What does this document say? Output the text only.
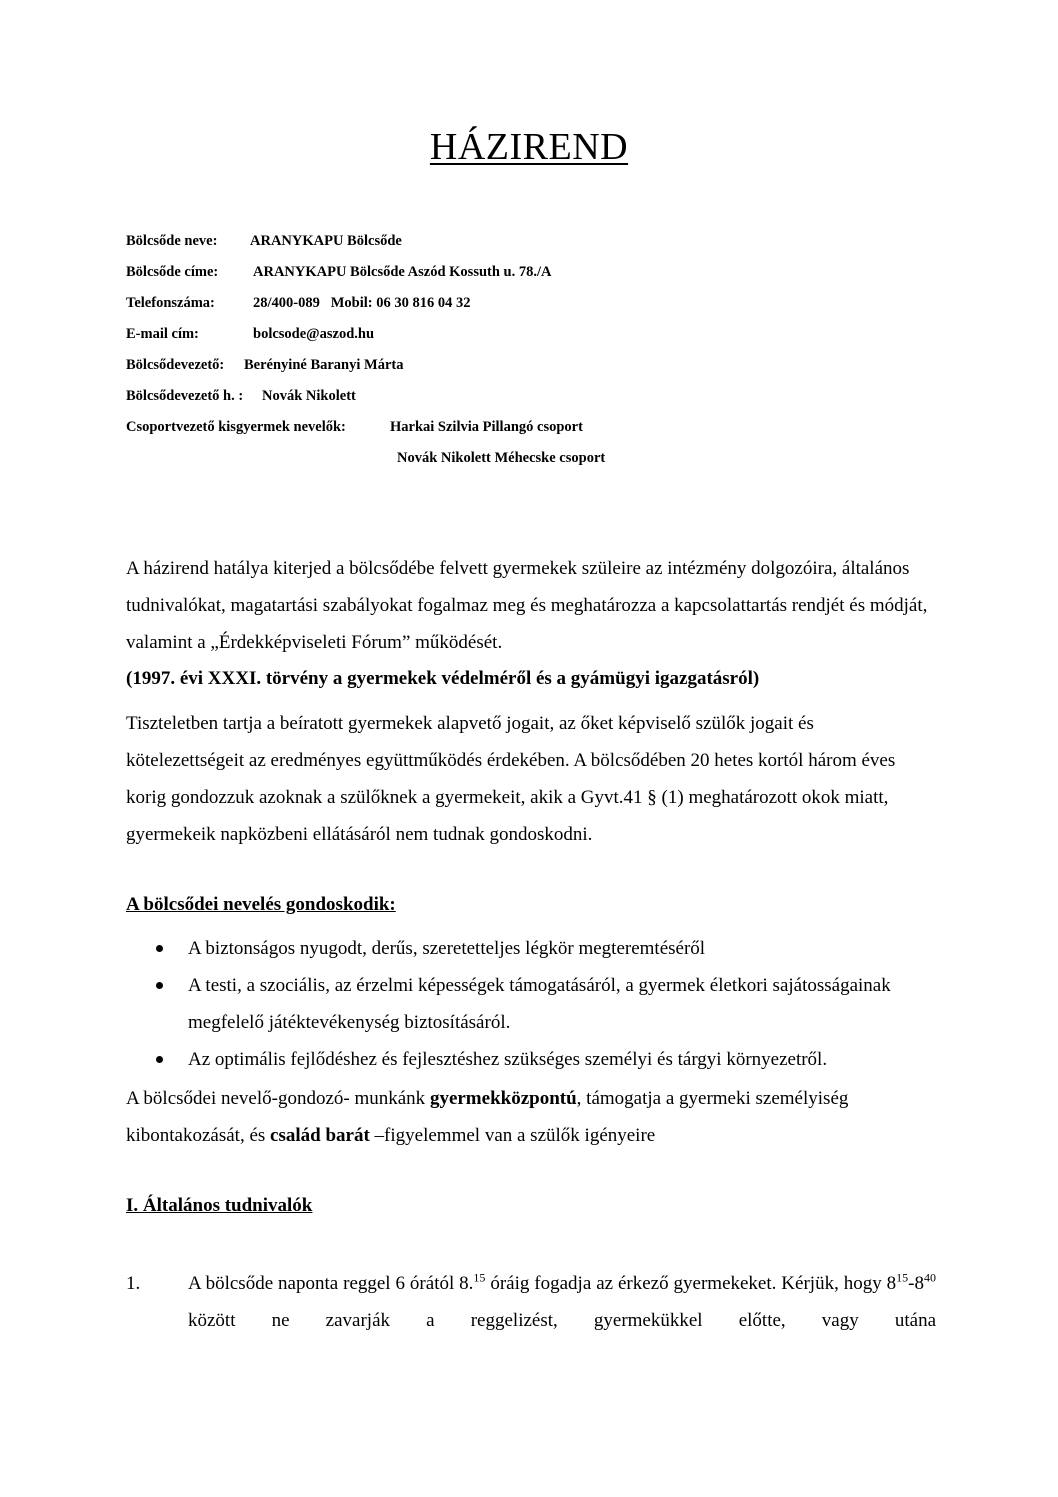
HÁZIREND
Bölcsőde neve: ARANYKAPU Bölcsőde
Bölcsőde címe: ARANYKAPU Bölcsőde Aszód Kossuth u. 78./A
Telefonszáma:	28/400-089   Mobil: 06 30 816 04 32
E-mail cím:	bolcsode@aszod.hu
Bölcsődevezető: Berényiné Baranyi Márta
Bölcsődevezető h. : Novák Nikolett
Csoportvezető kisgyermek nevelők:	Harkai Szilvia Pillangó csoport
Novák Nikolett Méhecske csoport
A házirend hatálya kiterjed a bölcsődébe felvett gyermekek szüleire az intézmény dolgozóira, általános tudnivalókat, magatartási szabályokat fogalmaz meg és meghatározza a kapcsolattartás rendjét és módját, valamint a „Érdekképviseleti Fórum” működését.
(1997. évi XXXI. törvény a gyermekek védelméről és a gyámügyi igazgatásról)
Tiszteletben tartja a beíratott gyermekek alapvető jogait, az őket képviselő szülők jogait és kötelezettségeit az eredményes együttműködés érdekében. A bölcsődében 20 hetes kortól három éves korig gondozzuk azoknak a szülőknek a gyermekeit, akik a Gyvt.41 § (1) meghatározott okok miatt, gyermekeik napközbeni ellátásáról nem tudnak gondoskodni.
A bölcsődei nevelés gondoskodik:
A biztonságos nyugodt, derűs, szeretetteljes légkör megteremtéséről
A testi, a szociális, az érzelmi képességek támogatásáról, a gyermek életkori sajátosságainak megfelelő játéktevékenység biztosításáról.
Az optimális fejlődéshez és fejlesztéshez szükséges személyi és tárgyi környezetről.
A bölcsődei nevelő-gondozó- munkánk gyermekközpontú, támogatja a gyermeki személyiség kibontakozását, és család barát –figyelemmel van a szülők igényeire
I. Általános tudnivalók
1.	A bölcsőde naponta reggel 6 órától 8.15 óráig fogadja az érkező gyermekeket. Kérjük, hogy $8^{15}-8^{40}$ között ne zavarják a reggelizést, gyermekükkel előtte, vagy utána
